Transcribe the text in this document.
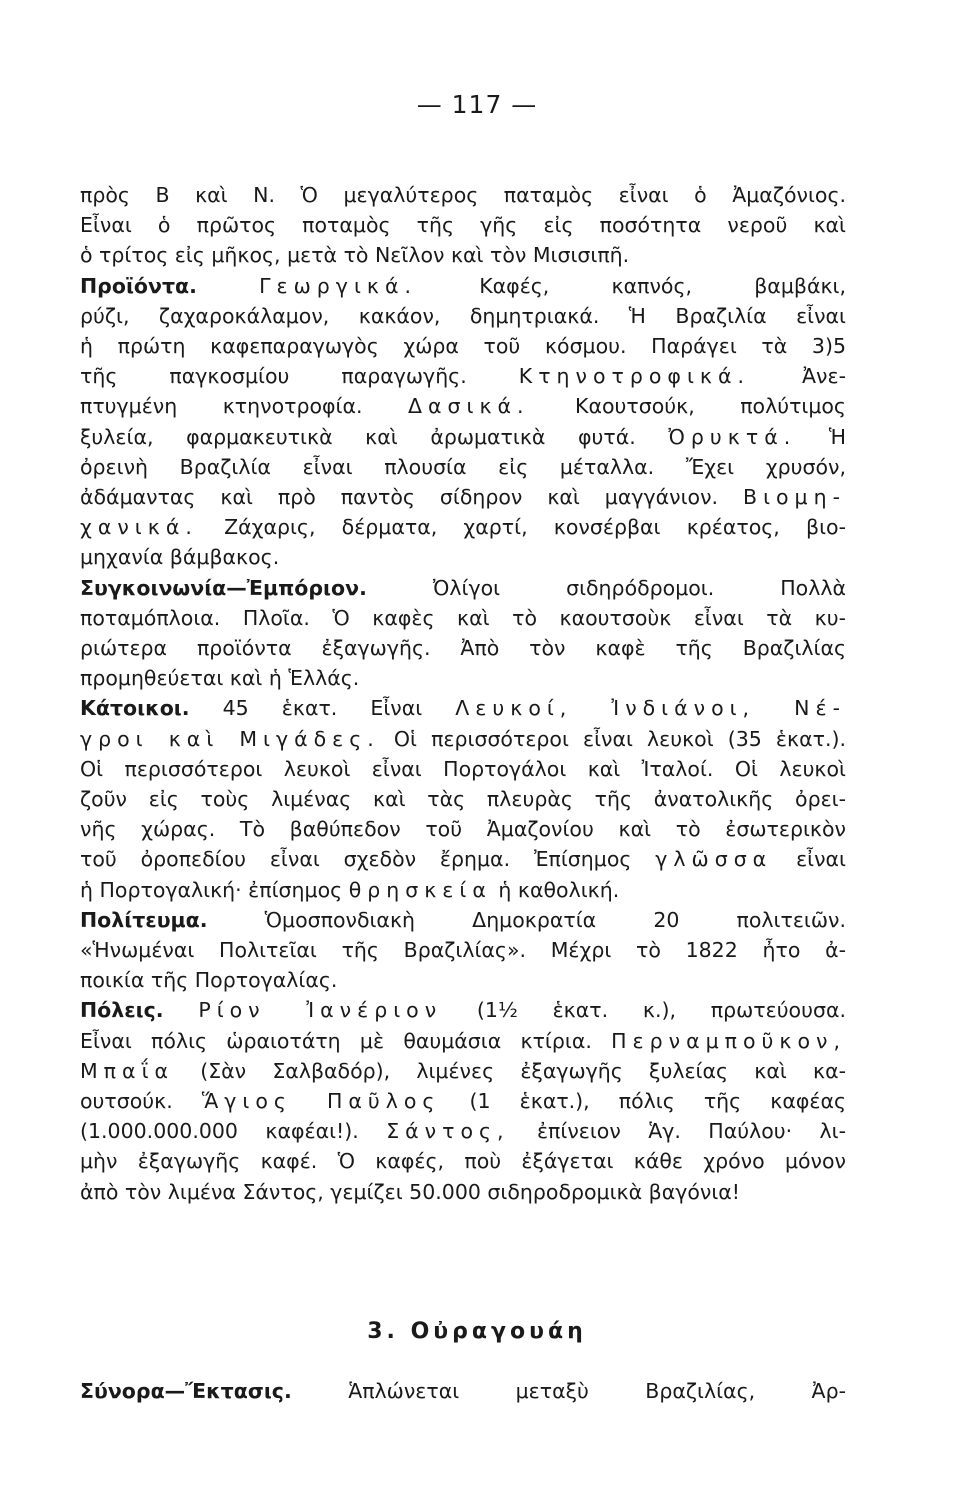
— 117 —
πρὸς Β καὶ Ν. Ὁ μεγαλύτερος παταμὸς εἶναι ὁ Ἀμαζόνιος.
Εἶναι ὁ πρῶτος ποταμὸς τῆς γῆς εἰς ποσότητα νεροῦ καὶ
ὁ τρίτος εἰς μῆκος, μετὰ τὸ Νεῖλον καὶ τὸν Μισισιπῆ.
Προϊόντα.	Γεωργικά.	Καφές, καπνός, βαμβάκι,
ρύζι, ζαχαροκάλαμον, κακάον, δημητριακά. Ἡ Βραζιλία εἶναι
ἡ πρώτη καφεπαραγωγὸς χώρα τοῦ κόσμου. Παράγει τὰ 3)5
τῆς παγκοσμίου παραγωγῆς.	Κτηνοτροφικά.	Ἀνε-
πτυγμένη κτηνοτροφία. Δασικά. Καουτσούκ, πολύτιμος
ξυλεία, φαρμακευτικὰ καὶ ἀρωματικὰ φυτά. Ὀρυκτά. Ἡ
ὀρεινὴ Βραζιλία εἶναι πλουσία εἰς μέταλλα. Ἔχει χρυσόν,
ἀδάμαντας καὶ πρὸ παντὸς σίδηρον καὶ μαγγάνιον. Βιομη-
χανικά. Ζάχαρις, δέρματα, χαρτί, κονσέρβαι κρέατος, βιο-
μηχανία βάμβακος.
Συγκοινωνία—Ἐμπόριον.	Ὀλίγοι σιδηρόδρομοι. Πολλὰ
ποταμόπλοια. Πλοῖα. Ὁ καφὲς καὶ τὸ καουτσοὺκ εἶναι τὰ κυ-
ριώτερα προϊόντα ἐξαγωγῆς. Ἀπὸ τὸν καφὲ τῆς Βραζιλίας
προμηθεύεται καὶ ἡ Ἑλλάς.
Κάτοικοι. 45 ἑκατ. Εἶναι Λευκοί, Ἰνδιάνοι, Νέ-
γροι καὶ Μιγάδες. Οἱ περισσότεροι εἶναι λευκοὶ (35 ἑκατ.).
Οἱ περισσότεροι λευκοὶ εἶναι Πορτογάλοι καὶ Ἰταλοί. Οἱ λευκοὶ
ζοῦν εἰς τοὺς λιμένας καὶ τὰς πλευρὰς τῆς ἀνατολικῆς ὀρει-
νῆς χώρας. Τὸ βαθύπεδον τοῦ Ἀμαζονίου καὶ τὸ ἐσωτερικὸν
τοῦ ὀροπεδίου εἶναι σχεδὸν ἔρημα. Ἐπίσημος γλῶσσα εἶναι
ἡ Πορτογαλική· ἐπίσημος θρησκεία ἡ καθολική.
Πολίτευμα.	Ὁμοσπονδιακὴ Δημοκρατία 20 πολιτειῶν.
«Ἡνωμέναι Πολιτεῖαι τῆς Βραζιλίας». Μέχρι τὸ 1822 ἦτο ἀ-
ποικία τῆς Πορτογαλίας.
Πόλεις. Ρίον Ἰανέριον (1½ ἑκατ. κ.), πρωτεύουσα.
Εἶναι πόλις ὡραιοτάτη μὲ θαυμάσια κτίρια. Περναμποῦκον,
Μπαΐα (Σὰν Σαλβαδόρ), λιμένες ἐξαγωγῆς ξυλείας καὶ κα-
ουτσούκ. Ἅγιος Παῦλος (1 ἑκατ.), πόλις τῆς καφέας
(1.000.000.000 καφέαι!). Σάντος, ἐπίνειον Ἁγ. Παύλου· λι-
μὴν ἐξαγωγῆς καφέ. Ὁ καφές, ποὺ ἐξάγεται κάθε χρόνο μόνον
ἀπὸ τὸν λιμένα Σάντος, γεμίζει 50.000 σιδηροδρομικὰ βαγόνια!
3. Οὐραγουάη
Σύνορα—Ἔκτασις.	Ἁπλώνεται μεταξὺ Βραζιλίας, Ἀρ-
